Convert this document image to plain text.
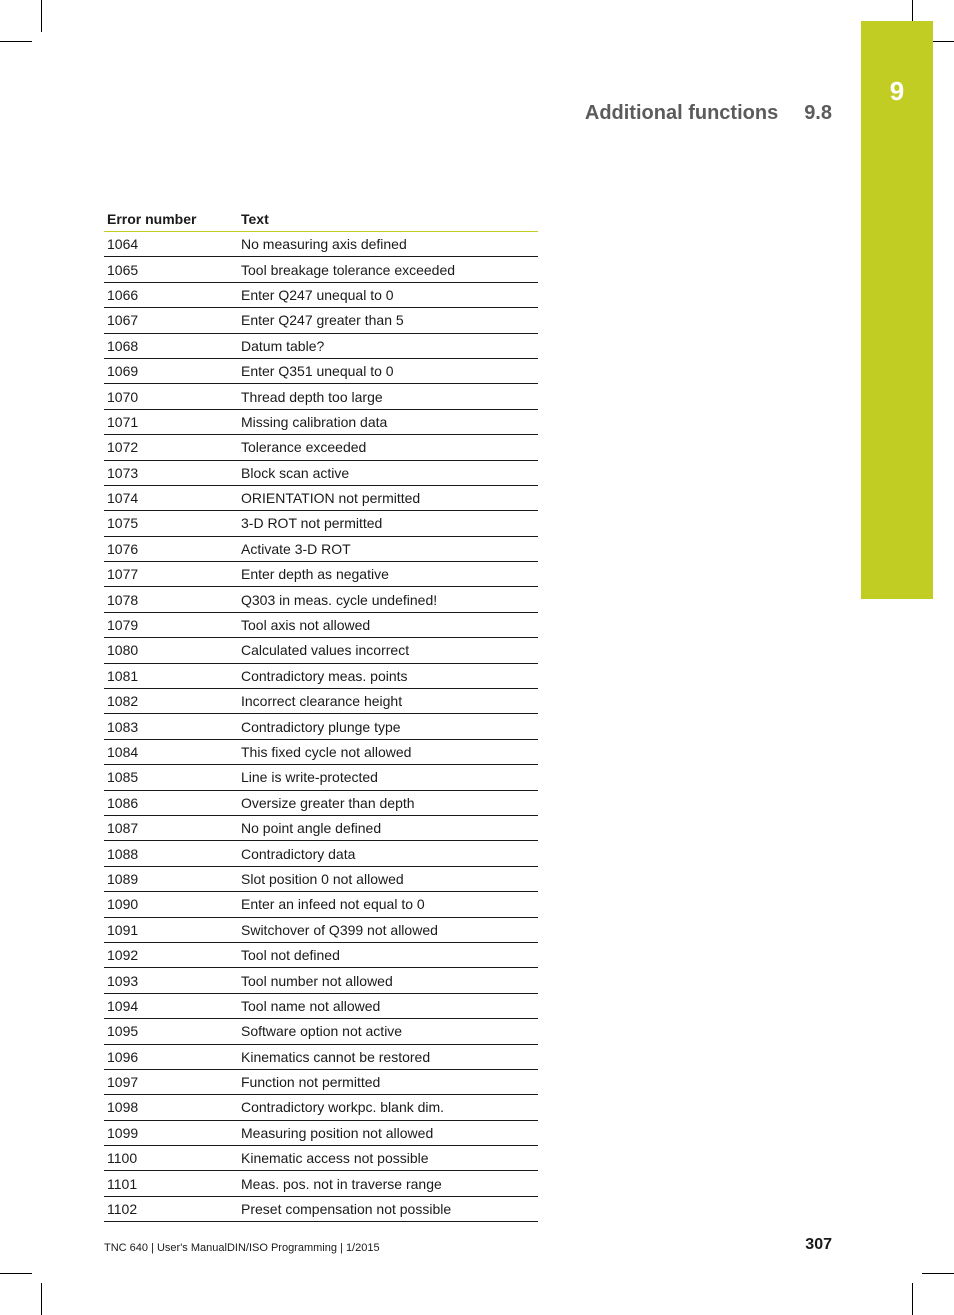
9
Additional functions 9.8
Error number	Text
1064	No measuring axis defined
1065	Tool breakage tolerance exceeded
1066	Enter Q247 unequal to 0
1067	Enter Q247 greater than 5
1068	Datum table?
1069	Enter Q351 unequal to 0
1070	Thread depth too large
1071	Missing calibration data
1072	Tolerance exceeded
1073	Block scan active
1074	ORIENTATION not permitted
1075	3-D ROT not permitted
1076	Activate 3-D ROT
1077	Enter depth as negative
1078	Q303 in meas. cycle undefined!
1079	Tool axis not allowed
1080	Calculated values incorrect
1081	Contradictory meas. points
1082	Incorrect clearance height
1083	Contradictory plunge type
1084	This fixed cycle not allowed
1085	Line is write-protected
1086	Oversize greater than depth
1087	No point angle defined
1088	Contradictory data
1089	Slot position 0 not allowed
1090	Enter an infeed not equal to 0
1091	Switchover of Q399 not allowed
1092	Tool not defined
1093	Tool number not allowed
1094	Tool name not allowed
1095	Software option not active
1096	Kinematics cannot be restored
1097	Function not permitted
1098	Contradictory workpc. blank dim.
1099	Measuring position not allowed
1100	Kinematic access not possible
1101	Meas. pos. not in traverse range
1102	Preset compensation not possible
TNC 640 | User's ManualDIN/ISO Programming | 1/2015	307
